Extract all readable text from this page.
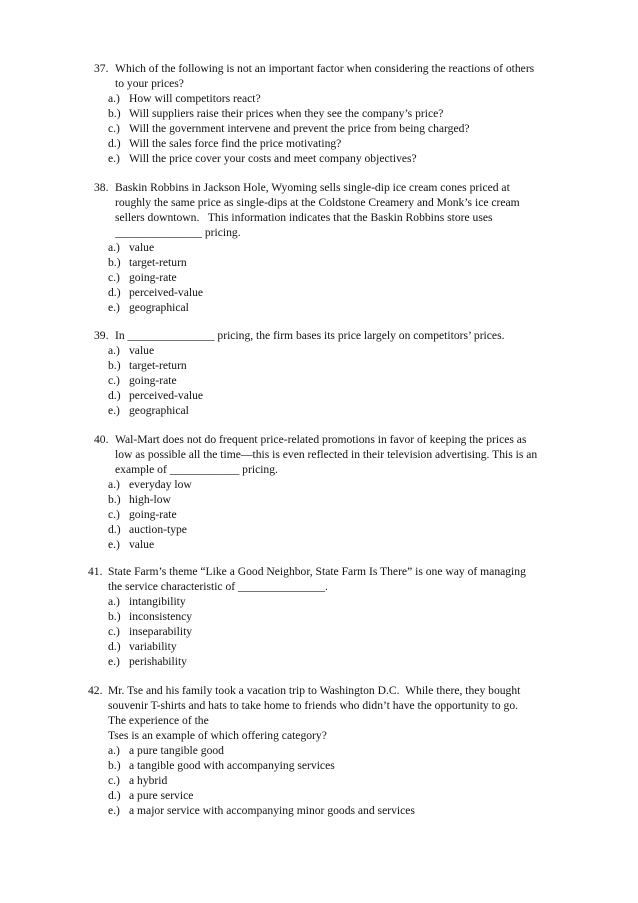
37. Which of the following is not an important factor when considering the reactions of others
to your prices?
a.) How will competitors react?
b.) Will suppliers raise their prices when they see the company’s price?
c.) Will the government intervene and prevent the price from being charged?
d.) Will the sales force find the price motivating?
e.) Will the price cover your costs and meet company objectives?
38. Baskin Robbins in Jackson Hole, Wyoming sells single-dip ice cream cones priced at
roughly the same price as single-dips at the Coldstone Creamery and Monk’s ice cream
sellers downtown.   This information indicates that the Baskin Robbins store uses
_______________ pricing.
a.) value
b.) target-return
c.) going-rate
d.) perceived-value
e.) geographical
39. In _______________ pricing, the firm bases its price largely on competitors’ prices.
a.) value
b.) target-return
c.) going-rate
d.) perceived-value
e.) geographical
40. Wal-Mart does not do frequent price-related promotions in favor of keeping the prices as
low as possible all the time—this is even reflected in their television advertising. This is an
example of ____________ pricing.
a.) everyday low
b.) high-low
c.) going-rate
d.) auction-type
e.) value
41. State Farm’s theme “Like a Good Neighbor, State Farm Is There” is one way of managing
the service characteristic of _______________.
a.) intangibility
b.) inconsistency
c.) inseparability
d.) variability
e.) perishability
42. Mr. Tse and his family took a vacation trip to Washington D.C.  While there, they bought
souvenir T-shirts and hats to take home to friends who didn’t have the opportunity to go.
The experience of the
Tses is an example of which offering category?
a.) a pure tangible good
b.) a tangible good with accompanying services
c.) a hybrid
d.) a pure service
e.) a major service with accompanying minor goods and services
